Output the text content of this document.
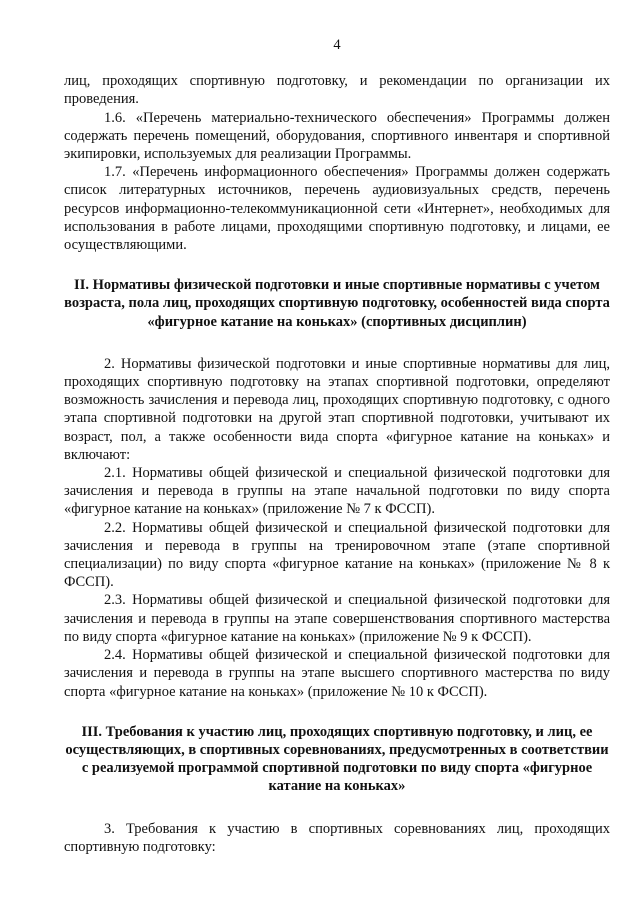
4

лиц, проходящих спортивную подготовку, и рекомендации по организации их проведения.

1.6. «Перечень материально-технического обеспечения» Программы должен содержать перечень помещений, оборудования, спортивного инвентаря и спортивной экипировки, используемых для реализации Программы.

1.7. «Перечень информационного обеспечения» Программы должен содержать список литературных источников, перечень аудиовизуальных средств, перечень ресурсов информационно-телекоммуникационной сети «Интернет», необходимых для использования в работе лицами, проходящими спортивную подготовку, и лицами, ее осуществляющими.

II. Нормативы физической подготовки и иные спортивные нормативы с учетом возраста, пола лиц, проходящих спортивную подготовку, особенностей вида спорта «фигурное катание на коньках» (спортивных дисциплин)

2. Нормативы физической подготовки и иные спортивные нормативы для лиц, проходящих спортивную подготовку на этапах спортивной подготовки, определяют возможность зачисления и перевода лиц, проходящих спортивную подготовку, с одного этапа спортивной подготовки на другой этап спортивной подготовки, учитывают их возраст, пол, а также особенности вида спорта «фигурное катание на коньках» и включают:

2.1. Нормативы общей физической и специальной физической подготовки для зачисления и перевода в группы на этапе начальной подготовки по виду спорта «фигурное катание на коньках» (приложение № 7 к ФССП).

2.2. Нормативы общей физической и специальной физической подготовки для зачисления и перевода в группы на тренировочном этапе (этапе спортивной специализации) по виду спорта «фигурное катание на коньках» (приложение № 8 к ФССП).

2.3. Нормативы общей физической и специальной физической подготовки для зачисления и перевода в группы на этапе совершенствования спортивного мастерства по виду спорта «фигурное катание на коньках» (приложение № 9 к ФССП).

2.4. Нормативы общей физической и специальной физической подготовки для зачисления и перевода в группы на этапе высшего спортивного мастерства по виду спорта «фигурное катание на коньках» (приложение № 10 к ФССП).

III. Требования к участию лиц, проходящих спортивную подготовку, и лиц, ее осуществляющих, в спортивных соревнованиях, предусмотренных в соответствии с реализуемой программой спортивной подготовки по виду спорта «фигурное катание на коньках»

3. Требования к участию в спортивных соревнованиях лиц, проходящих спортивную подготовку:
